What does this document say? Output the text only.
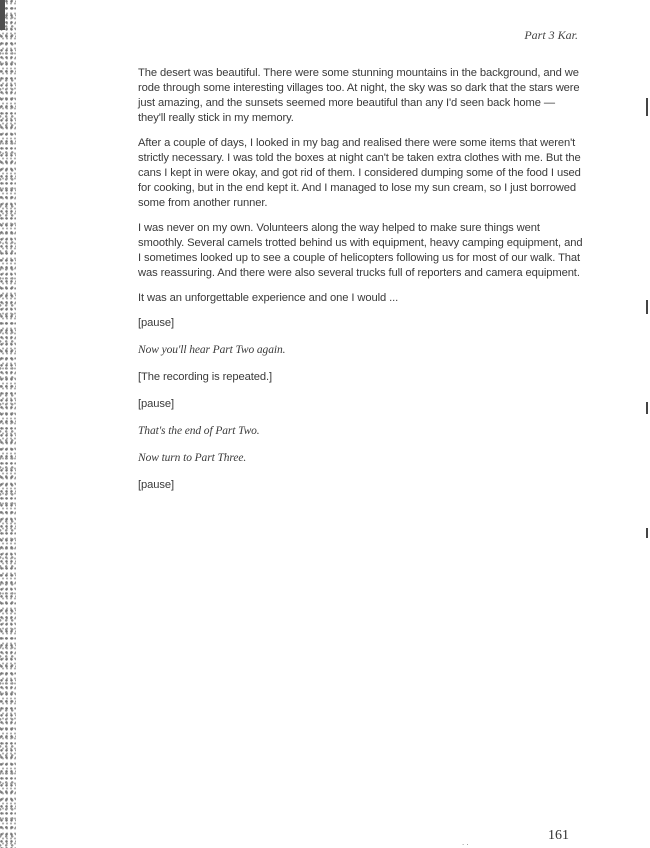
Part 3 Kar.

The desert was beautiful. There were some stunning mountains in the background, and we rode through some interesting villages too. At night, the sky was so dark that the stars were just amazing, and the sunsets seemed more beautiful than any I'd seen back home — they'll really stick in my memory.

After a couple of days, I looked in my bag and realised there were some items that weren't strictly necessary. I was told the boxes at night can't be taken extra clothes with me. But the cans I kept in were okay, and got rid of them. I considered dumping some of the food I used for cooking, but in the end kept it. And I managed to lose my sun cream, so I just borrowed some from another runner.

I was never on my own. Volunteers along the way helped to make sure things went smoothly. Several camels trotted behind us with equipment, heavy camping equipment, and I sometimes looked up to see a couple of helicopters following us for most of our walk. That was reassuring. And there were also several trucks full of reporters and camera equipment.

It was an unforgettable experience and one I would ...

[pause]

Now you'll hear Part Two again.

[The recording is repeated.]

[pause]

That's the end of Part Two.

Now turn to Part Three.

[pause]

. .	161
